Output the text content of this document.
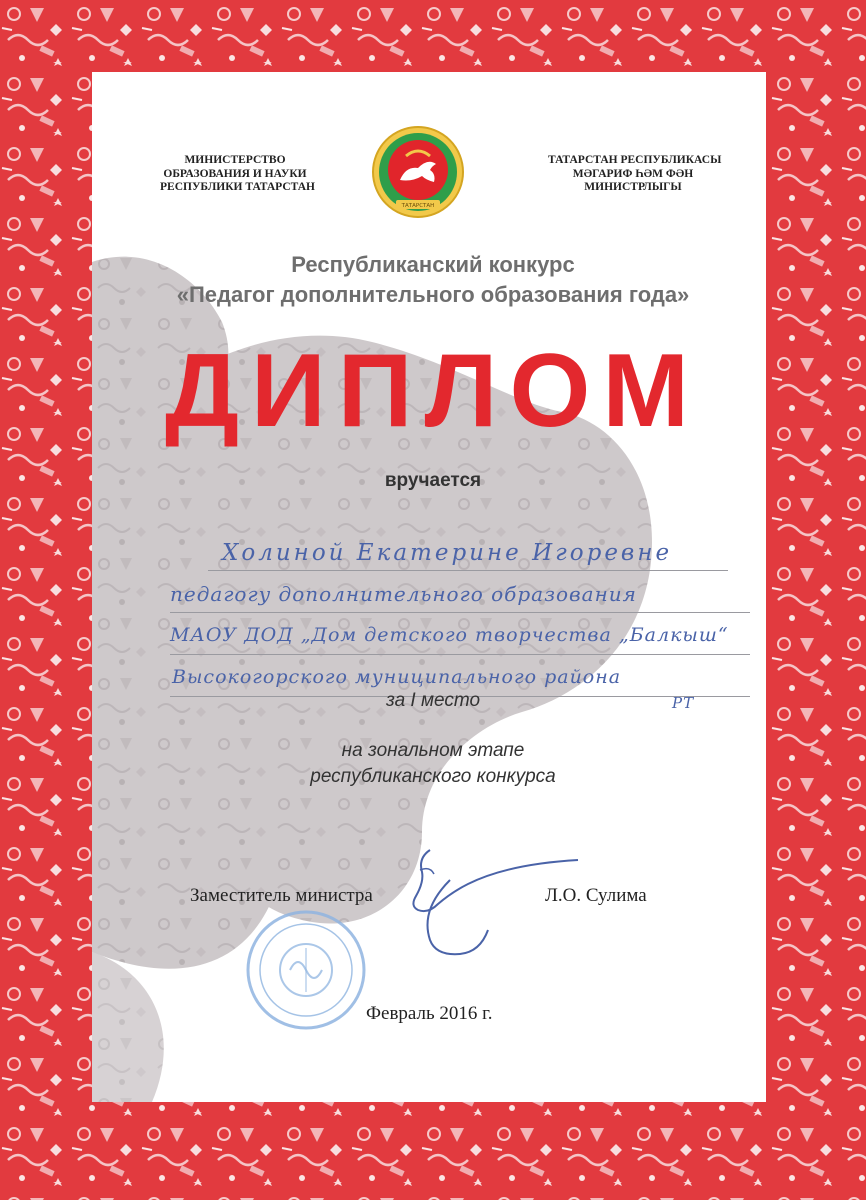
МИНИСТЕРСТВО
ОБРАЗОВАНИЯ И НАУКИ
РЕСПУБЛИКИ ТАТАРСТАН
ТАТАРСТАН РЕСПУБЛИКАСЫ
МӘГАРИФ ҺӘМ ФӘН
МИНИСТРЛЫГЫ
ТАТАРСТАН
Республиканский конкурс
«Педагог дополнительного образования года»
ДИПЛОМ
вручается
Холиной Екатерине Игоревне
педагогу дополнительного образования
МАОУ ДОД „Дом детского творчества „Балкыш“
Высокогорского муниципального района
РТ
за I место
на зональном этапе
республиканского конкурса
Заместитель министра	Л.О. Сулима
Февраль 2016 г.
